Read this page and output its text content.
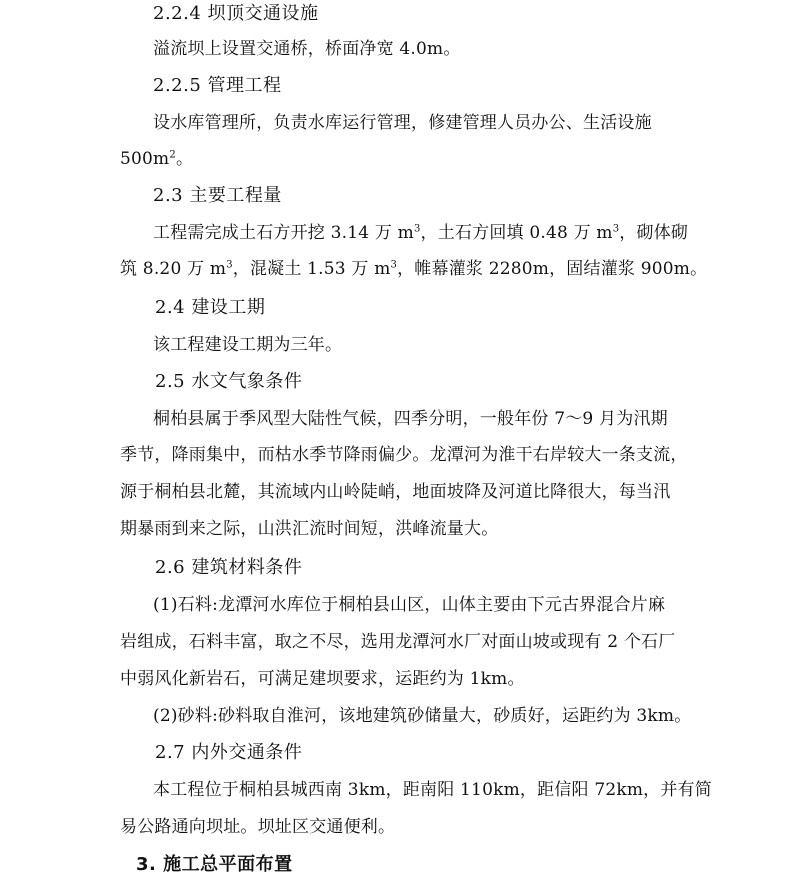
2.2.4 坝顶交通设施
溢流坝上设置交通桥，桥面净宽 4.0m。
2.2.5 管理工程
设水库管理所，负责水库运行管理，修建管理人员办公、生活设施
$500m^2$。
2.3 主要工程量
工程需完成土石方开挖 3.14 万 $m^3$，土石方回填 0.48 万 $m^3$，砌体砌
筑 8.20 万 $m^3$，混凝土 1.53 万 $m^3$，帷幕灌浆 2280m，固结灌浆 900m。
2.4 建设工期
该工程建设工期为三年。
2.5 水文气象条件
桐柏县属于季风型大陆性气候，四季分明，一般年份 7～9 月为汛期
季节，降雨集中，而枯水季节降雨偏少。龙潭河为淮干右岸较大一条支流，
源于桐柏县北麓，其流域内山岭陡峭，地面坡降及河道比降很大，每当汛
期暴雨到来之际，山洪汇流时间短，洪峰流量大。
2.6 建筑材料条件
(1)石料:龙潭河水库位于桐柏县山区，山体主要由下元古界混合片麻
岩组成，石料丰富，取之不尽，选用龙潭河水厂对面山坡或现有 2 个石厂
中弱风化新岩石，可满足建坝要求，运距约为 1km。
(2)砂料:砂料取自淮河，该地建筑砂储量大，砂质好，运距约为 3km。
2.7 内外交通条件
本工程位于桐柏县城西南 3km，距南阳 110km，距信阳 72km，并有简
易公路通向坝址。坝址区交通便利。
3. 施工总平面布置
